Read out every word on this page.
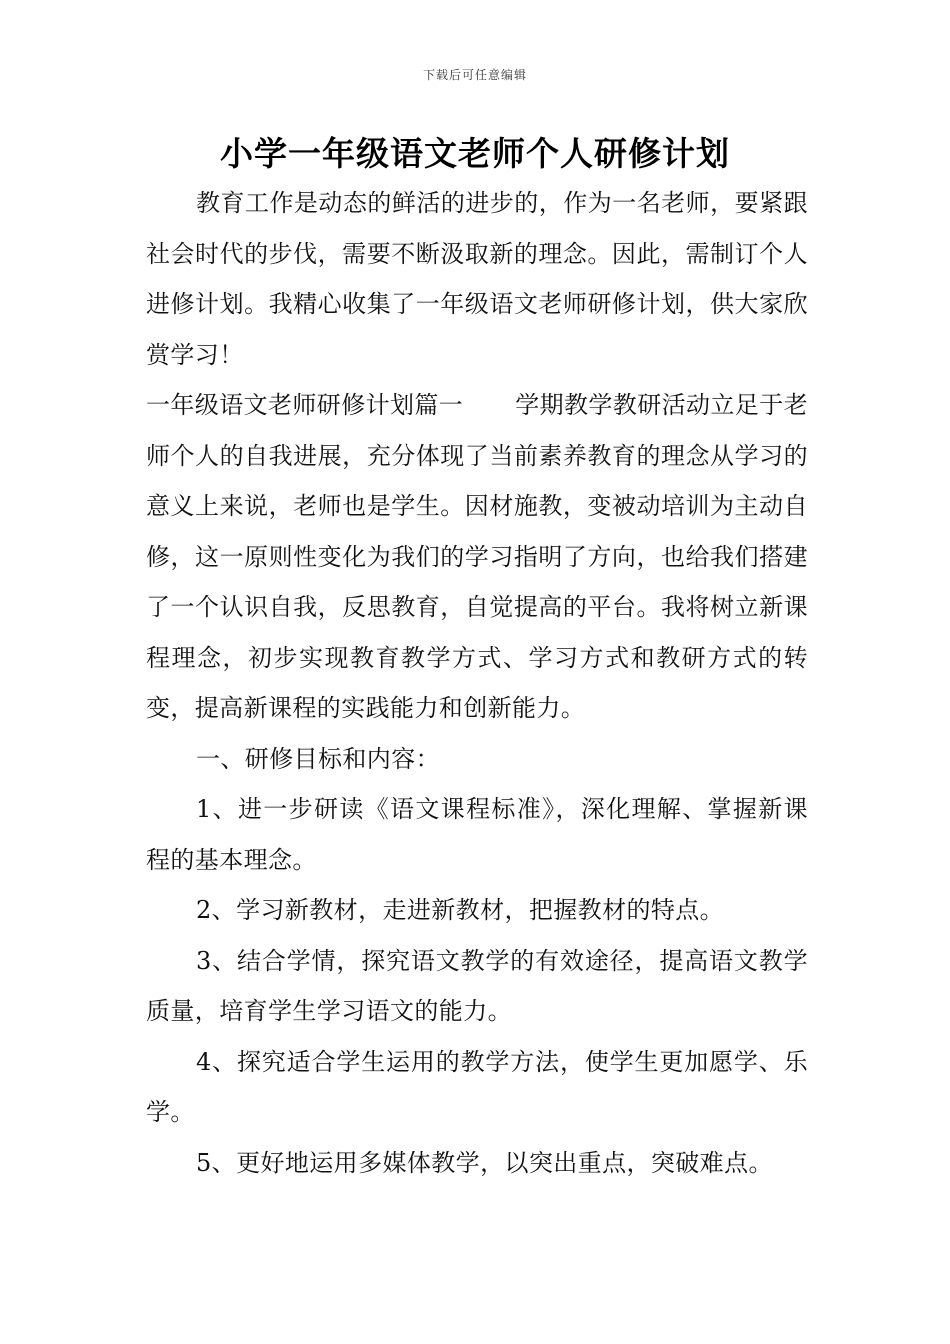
下载后可任意编辑
小学一年级语文老师个人研修计划

教育工作是动态的鲜活的进步的，作为一名老师，要紧跟社会时代的步伐，需要不断汲取新的理念。因此，需制订个人进修计划。我精心收集了一年级语文老师研修计划，供大家欣赏学习！

一年级语文老师研修计划篇一 学期教学教研活动立足于老师个人的自我进展，充分体现了当前素养教育的理念从学习的意义上来说，老师也是学生。因材施教，变被动培训为主动自修，这一原则性变化为我们的学习指明了方向，也给我们搭建了一个认识自我，反思教育，自觉提高的平台。我将树立新课程理念，初步实现教育教学方式、学习方式和教研方式的转变，提高新课程的实践能力和创新能力。

一、研修目标和内容：

1、进一步研读《语文课程标准》，深化理解、掌握新课程的基本理念。

2、学习新教材，走进新教材，把握教材的特点。

3、结合学情，探究语文教学的有效途径，提高语文教学质量，培育学生学习语文的能力。

4、探究适合学生运用的教学方法，使学生更加愿学、乐学。

5、更好地运用多媒体教学，以突出重点，突破难点。
